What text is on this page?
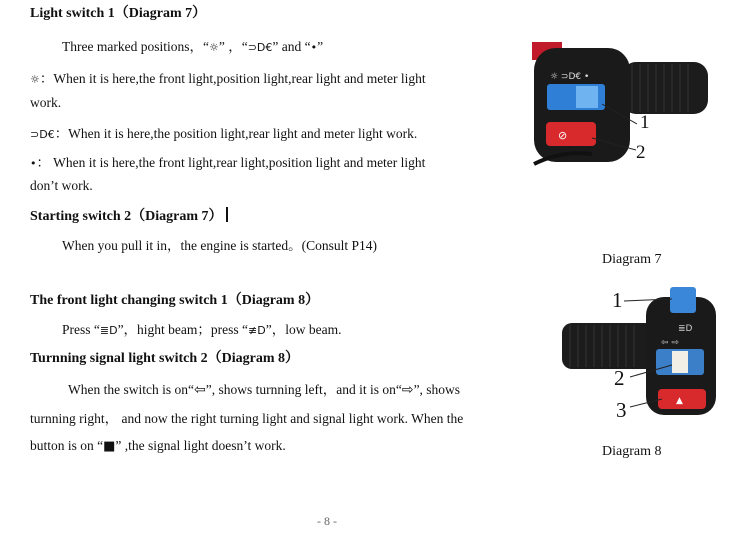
Light switch 1（Diagram 7）
Three marked positions，“☼” ，“⊃D€” and “•”
☼：When it is here,the front light,position light,rear light and meter light
work.
⊃D€：When it is here,the position light,rear light and meter light work.
•： When it is here,the front light,rear light,position light and meter light
don’t work.
Starting switch 2（Diagram 7）
When you pull it in，the engine is started。(Consult P14)
The front light changing switch 1（Diagram 8）
Press “≣D”，hight beam；press “≢D”，low beam.
Turnning signal light switch 2（Diagram 8）
When the switch is on“⇦”, shows turnning left，and it is on“⇨”, shows
turnning right， and now the right turning light and signal light work. When the
button is on “■” ,the signal light doesn’t work.
☼ ⊃D€ •
⊘
1
2
Diagram 7
≣D
⇦ ⇨
▲
1
2
3
Diagram 8
- 8 -
